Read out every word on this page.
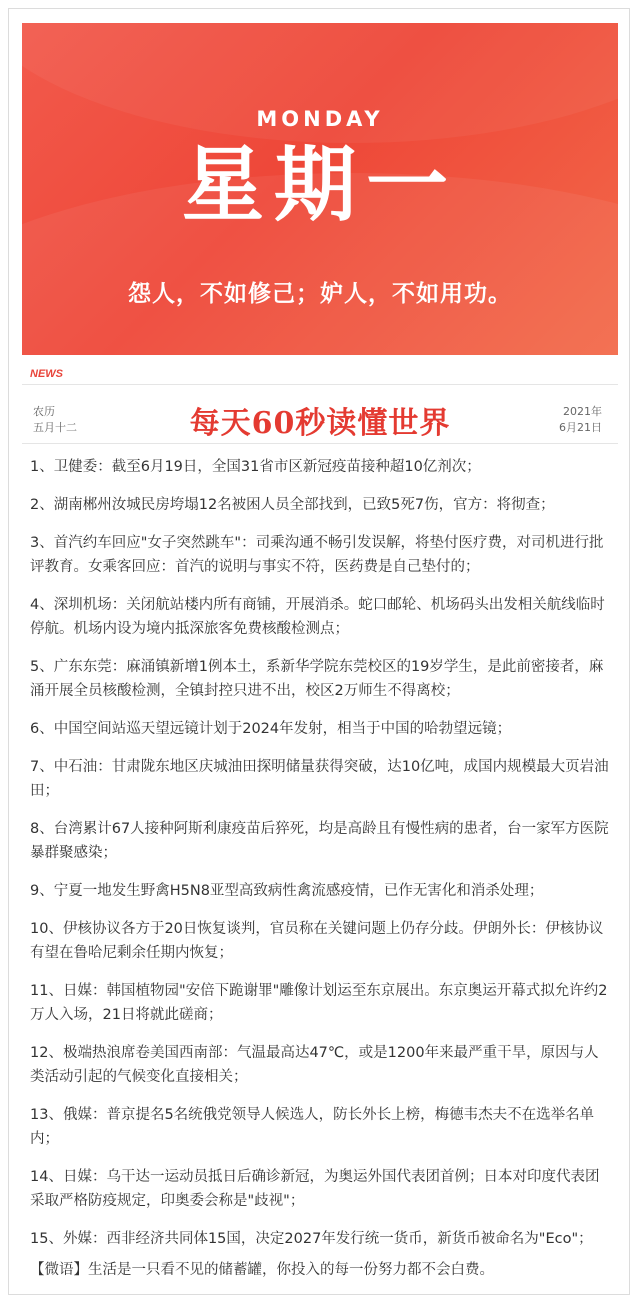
MONDAY
星期一
怨人，不如修己；妒人，不如用功。
NEWS
农历
五月十二	每天60秒读懂世界	2021年
6月21日
1、卫健委：截至6月19日，全国31省市区新冠疫苗接种超10亿剂次；
2、湖南郴州汝城民房垮塌12名被困人员全部找到，已致5死7伤，官方：将彻查；
3、首汽约车回应"女子突然跳车"：司乘沟通不畅引发误解，将垫付医疗费，对司机进行批评教育。女乘客回应：首汽的说明与事实不符，医药费是自己垫付的；
4、深圳机场：关闭航站楼内所有商铺，开展消杀。蛇口邮轮、机场码头出发相关航线临时停航。机场内设为境内抵深旅客免费核酸检测点；
5、广东东莞：麻涌镇新增1例本土，系新华学院东莞校区的19岁学生，是此前密接者，麻涌开展全员核酸检测，全镇封控只进不出，校区2万师生不得离校；
6、中国空间站巡天望远镜计划于2024年发射，相当于中国的哈勃望远镜；
7、中石油：甘肃陇东地区庆城油田探明储量获得突破，达10亿吨，成国内规模最大页岩油田；
8、台湾累计67人接种阿斯利康疫苗后猝死，均是高龄且有慢性病的患者，台一家军方医院暴群聚感染；
9、宁夏一地发生野禽H5N8亚型高致病性禽流感疫情，已作无害化和消杀处理；
10、伊核协议各方于20日恢复谈判，官员称在关键问题上仍存分歧。伊朗外长：伊核协议有望在鲁哈尼剩余任期内恢复；
11、日媒：韩国植物园"安倍下跪谢罪"雕像计划运至东京展出。东京奥运开幕式拟允许约2万人入场，21日将就此磋商；
12、极端热浪席卷美国西南部：气温最高达47℃，或是1200年来最严重干旱，原因与人类活动引起的气候变化直接相关；
13、俄媒：普京提名5名统俄党领导人候选人，防长外长上榜，梅德韦杰夫不在选举名单内；
14、日媒：乌干达一运动员抵日后确诊新冠，为奥运外国代表团首例；日本对印度代表团采取严格防疫规定，印奥委会称是"歧视"；
15、外媒：西非经济共同体15国，决定2027年发行统一货币，新货币被命名为"Eco"；
【微语】生活是一只看不见的储蓄罐，你投入的每一份努力都不会白费。
